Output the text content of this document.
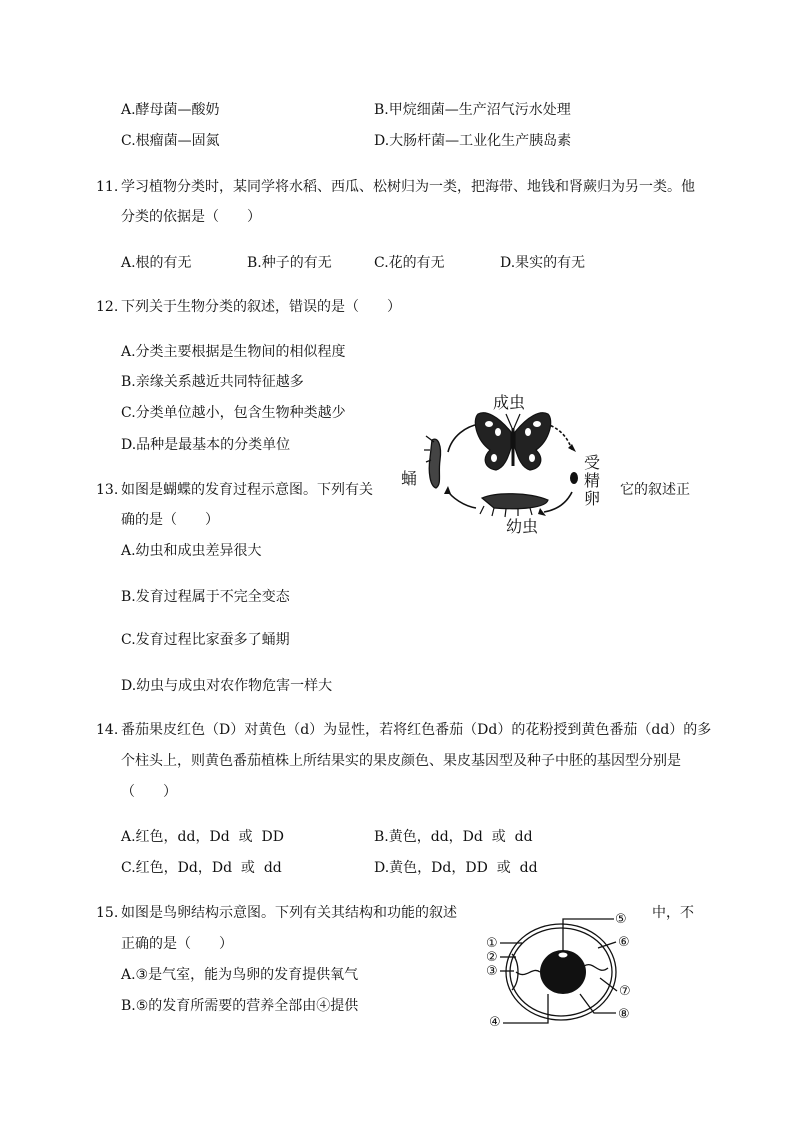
A.酵母菌—酸奶	B.甲烷细菌—生产沼气污水处理
C.根瘤菌—固氮	D.大肠杆菌—工业化生产胰岛素
11. 学习植物分类时，某同学将水稻、西瓜、松树归为一类，把海带、地钱和肾蕨归为另一类。他
分类的依据是（　　）
A.根的有无	B.种子的有无	C.花的有无	D.果实的有无
12. 下列关于生物分类的叙述，错误的是（　　）
A.分类主要根据是生物间的相似程度
B.亲缘关系越近共同特征越多
C.分类单位越小，包含生物种类越少
D.品种是最基本的分类单位
13. 如图是蝴蝶的发育过程示意图。下列有关	它的叙述正
确的是（　　）
A.幼虫和成虫差异很大
B.发育过程属于不完全变态
C.发育过程比家蚕多了蛹期
D.幼虫与成虫对农作物危害一样大
成虫
蛹
受
精
卵
幼虫
14. 番茄果皮红色（D）对黄色（d）为显性，若将红色番茄（Dd）的花粉授到黄色番茄（dd）的多
个柱头上，则黄色番茄植株上所结果实的果皮颜色、果皮基因型及种子中胚的基因型分别是
（　　）
A.红色，dd，Dd  或  DD	B.黄色，dd，Dd  或  dd
C.红色，Dd，Dd  或  dd	D.黄色，Dd，DD  或  dd
15. 如图是鸟卵结构示意图。下列有关其结构和功能的叙述	中，不
正确的是（　　）
A.③是气室，能为鸟卵的发育提供氧气
B.⑤的发育所需要的营养全部由④提供
①
②
③
④
⑤
⑥
⑦
⑧
